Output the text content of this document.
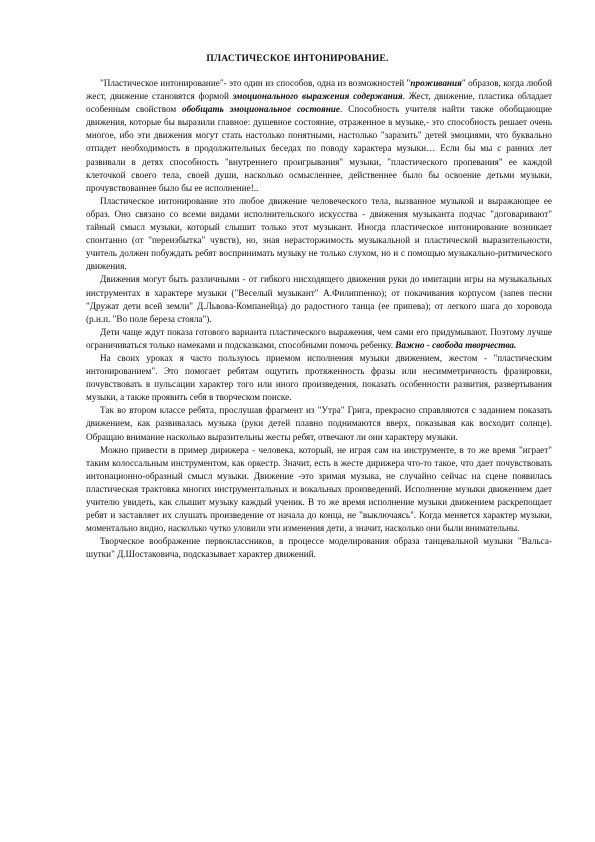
ПЛАСТИЧЕСКОЕ ИНТОНИРОВАНИЕ.

"Пластическое интонирование"- это один из способов, одна из возможностей "проживания" образов, когда любой жест, движение становятся формой эмоционального выражения содержания. Жест, движение, пластика обладает особенным свойством обобщать эмоциональное состояние. Способность учителя найти также обобщающие движения, которые бы выразили главное: душевное состояние, отраженное в музыке,- это способность решает очень многое, ибо эти движения могут стать настолько понятными, настолько "заразить" детей эмоциями, что буквально отпадет необходимость в продолжительных беседах по поводу характера музыки… Если бы мы с ранних лет развивали в детях способность "внутреннего проигрывания" музыки, "пластического пропевания" ее каждой клеточкой своего тела, своей души, насколько осмысленнее, действеннее было бы освоение детьми музыки, прочувствованнее было бы ее исполнение!..

Пластическое интонирование это любое движение человеческого тела, вызванное музыкой и выражающее ее образ. Оно связано со всеми видами исполнительского искусства - движения музыканта подчас "договаривают" тайный смысл музыки, который слышит только этот музыкант. Иногда пластическое интонирование возникает спонтанно (от "переизбытка" чувств), но, зная нерасторжимость музыкальной и пластической выразительности, учитель должен побуждать ребят воспринимать музыку не только слухом, но и с помощью музыкально-ритмического движения.

Движения могут быть различными - от гибкого нисходящего движения руки до имитации игры на музыкальных инструментах в характере музыки ("Веселый музыкант" А.Филиппенко); от покачивания корпусом (запев песни "Дружат дети всей земли" Д.Львова-Компанейца) до радостного танца (ее припева); от легкого шага до хоровода (р.н.п. "Во поле береза стояла").

Дети чаще ждут показа готового варианта пластического выражения, чем сами его придумывают. Поэтому лучше ограничиваться только намеками и подсказками, способными помочь ребенку. Важно - свобода творчества.

На своих уроках я часто пользуюсь приемом исполнения музыки движением, жестом - "пластическим интонированием". Это помогает ребятам ощутить протяженность фразы или несимметричность фразировки, почувствовать в пульсации характер того или иного произведения, показать особенности развития, развертывания музыки, а также проявить себя в творческом поиске.

Так во втором классе ребята, прослушав фрагмент из "Утра" Грига, прекрасно справляются с заданием показать движением, как развивалась музыка (руки детей плавно поднимаются вверх, показывая как восходит солнце). Обращаю внимание насколько выразительны жесты ребят, отвечают ли они характеру музыки.

Можно привести в пример дирижера - человека, который, не играя сам на инструменте, в то же время "играет" таким колоссальным инструментом, как оркестр. Значит, есть в жесте дирижера что-то такое, что дает почувствовать интонационно-образный смысл музыки. Движение -это зримая музыка, не случайно сейчас на сцене появилась пластическая трактовка многих инструментальных и вокальных произведений. Исполнение музыки движением дает учителю увидеть, как слышит музыку каждый ученик. В то же время исполнение музыки движением раскрепощает ребят и заставляет их слушать произведение от начала до конца, не "выключаясь". Когда меняется характер музыки, моментально видно, насколько чутко уловили эти изменения дети, а значит, насколько они были внимательны.

Творческое воображение первоклассников, в процессе моделирования образа танцевальной музыки "Вальса-шутки" Д.Шостаковича, подсказывает характер движений.
